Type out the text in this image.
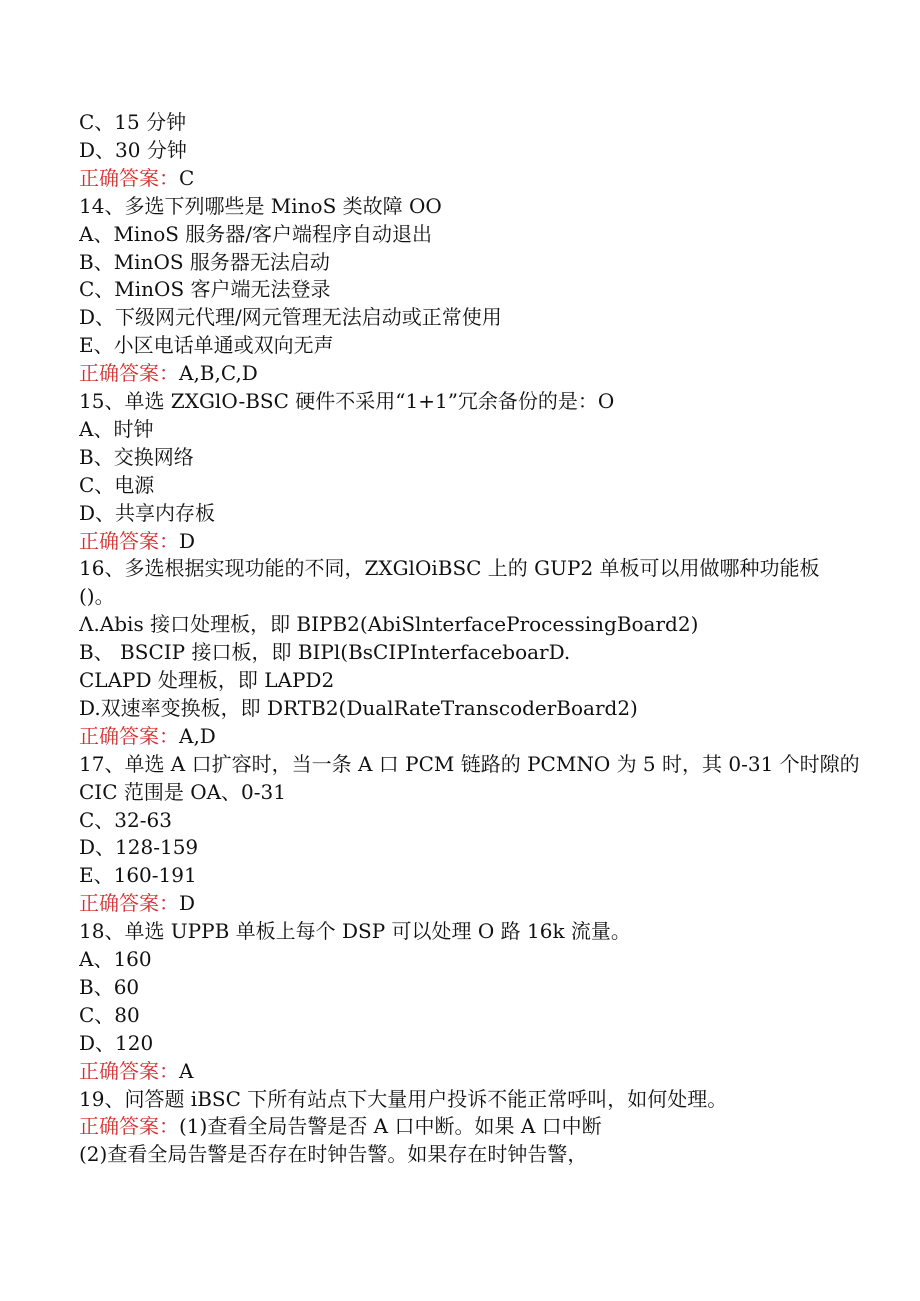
C、15 分钟
D、30 分钟
正确答案：C
14、多选下列哪些是 MinoS 类故障 OO
A、MinoS 服务器/客户端程序自动退出
B、MinOS 服务器无法启动
C、MinOS 客户端无法登录
D、下级网元代理/网元管理无法启动或正常使用
E、小区电话单通或双向无声
正确答案：A,B,C,D
15、单选 ZXGlO-BSC 硬件不采用“1+1”冗余备份的是：O
A、时钟
B、交换网络
C、电源
D、共享内存板
正确答案：D
16、多选根据实现功能的不同，ZXGlOiBSC 上的 GUP2 单板可以用做哪种功能板
()。
Λ.Abis 接口处理板，即 BIPB2(AbiSlnterfaceProcessingBoard2)
B、 BSCIP 接口板，即 BIPl(BsCIPInterfaceboarD.
CLAPD 处理板，即 LAPD2
D.双速率变换板，即 DRTB2(DualRateTranscoderBoard2)
正确答案：A,D
17、单选 A 口扩容时，当一条 A 口 PCM 链路的 PCMNO 为 5 时，其 0-31 个时隙的
CIC 范围是 OA、0-31
C、32-63
D、128-159
E、160-191
正确答案：D
18、单选 UPPB 单板上每个 DSP 可以处理 O 路 16k 流量。
A、160
B、60
C、80
D、120
正确答案：A
19、问答题 iBSC 下所有站点下大量用户投诉不能正常呼叫，如何处理。
正确答案：(1)查看全局告警是否 A 口中断。如果 A 口中断
(2)查看全局告警是否存在时钟告警。如果存在时钟告警，
